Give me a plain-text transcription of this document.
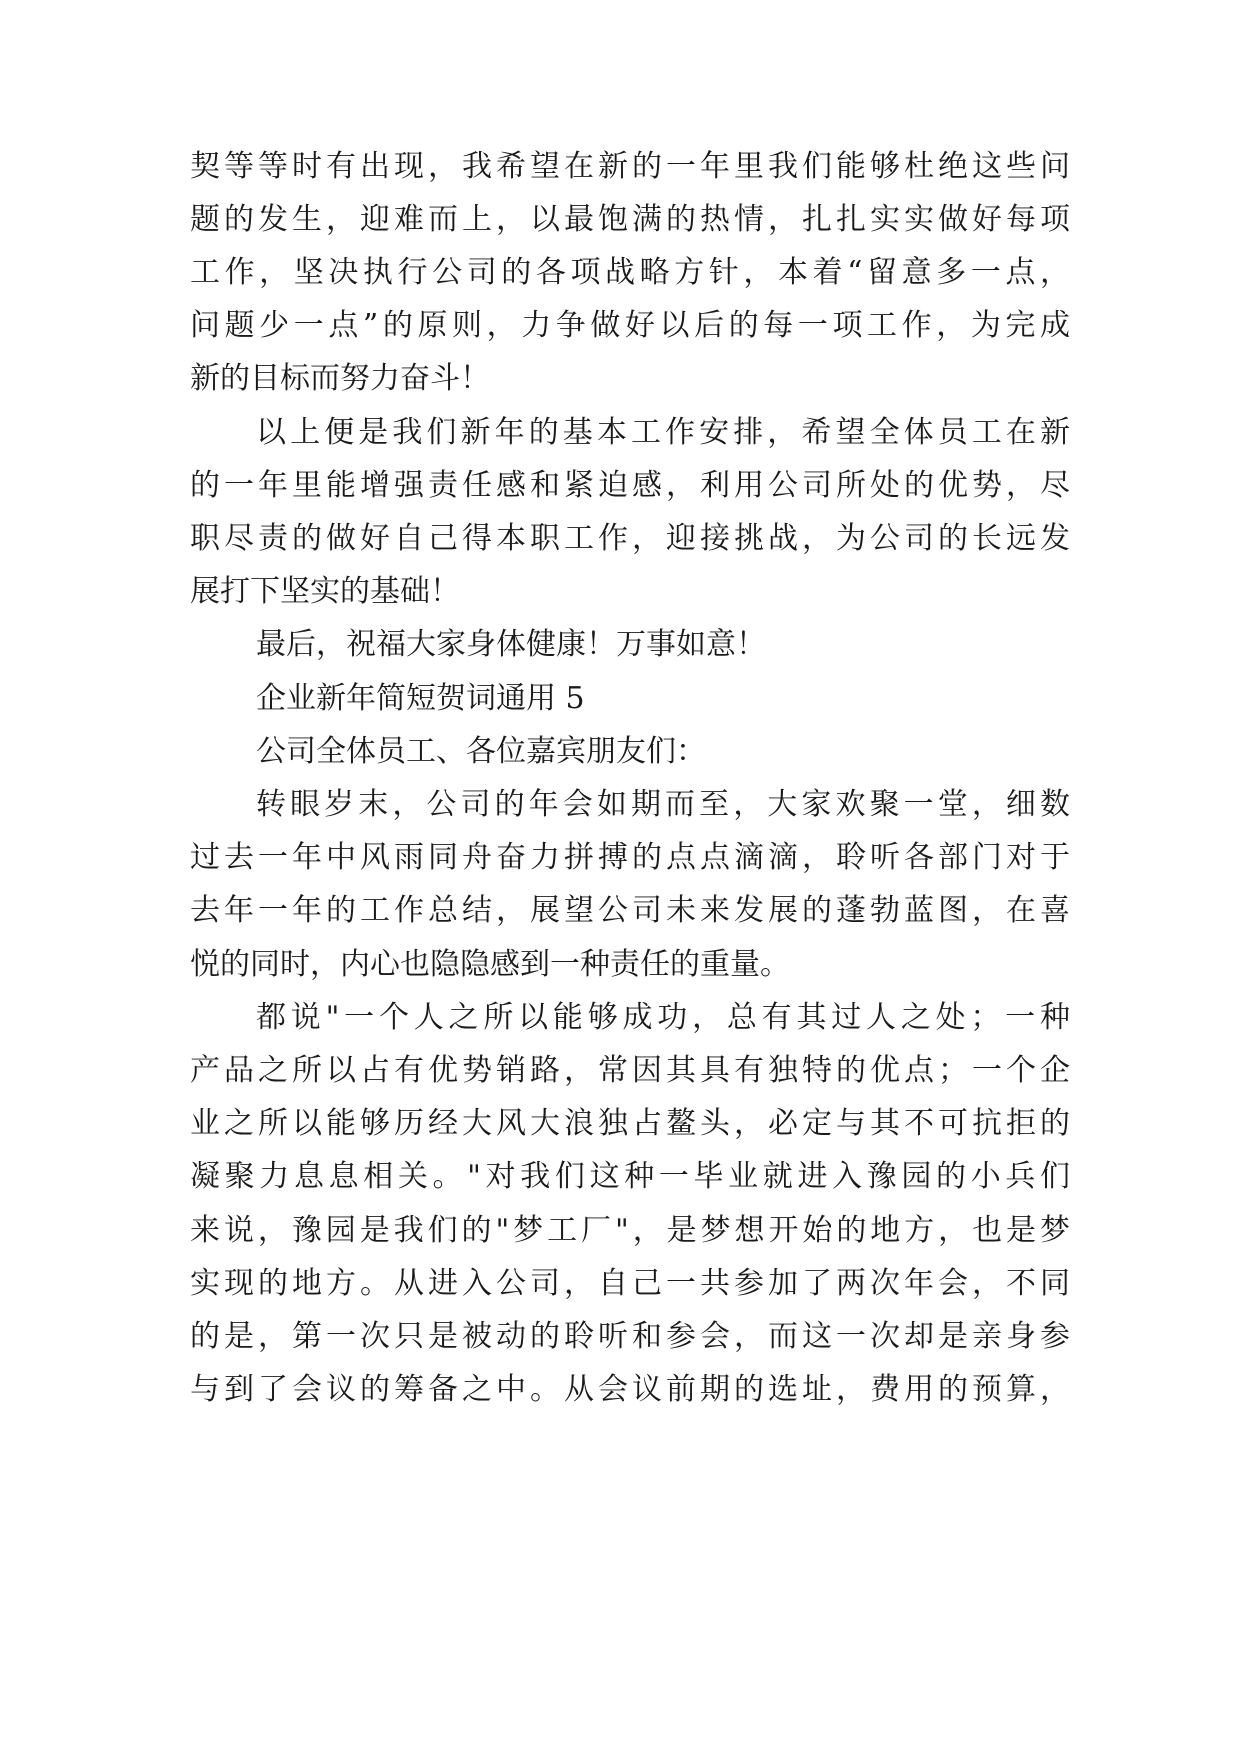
契等等时有出现，我希望在新的一年里我们能够杜绝这些问
题的发生，迎难而上，以最饱满的热情，扎扎实实做好每项
工作，坚决执行公司的各项战略方针，本着“留意多一点，
问题少一点”的原则，力争做好以后的每一项工作，为完成
新的目标而努力奋斗！
以上便是我们新年的基本工作安排，希望全体员工在新
的一年里能增强责任感和紧迫感，利用公司所处的优势，尽
职尽责的做好自己得本职工作，迎接挑战，为公司的长远发
展打下坚实的基础！
最后，祝福大家身体健康！万事如意！
企业新年简短贺词通用 5
公司全体员工、各位嘉宾朋友们：
转眼岁末，公司的年会如期而至，大家欢聚一堂，细数
过去一年中风雨同舟奋力拼搏的点点滴滴，聆听各部门对于
去年一年的工作总结，展望公司未来发展的蓬勃蓝图，在喜
悦的同时，内心也隐隐感到一种责任的重量。
都说"一个人之所以能够成功，总有其过人之处；一种
产品之所以占有优势销路，常因其具有独特的优点；一个企
业之所以能够历经大风大浪独占鳌头，必定与其不可抗拒的
凝聚力息息相关。"对我们这种一毕业就进入豫园的小兵们
来说，豫园是我们的"梦工厂"，是梦想开始的地方，也是梦
实现的地方。从进入公司，自己一共参加了两次年会，不同
的是，第一次只是被动的聆听和参会，而这一次却是亲身参
与到了会议的筹备之中。从会议前期的选址，费用的预算，
